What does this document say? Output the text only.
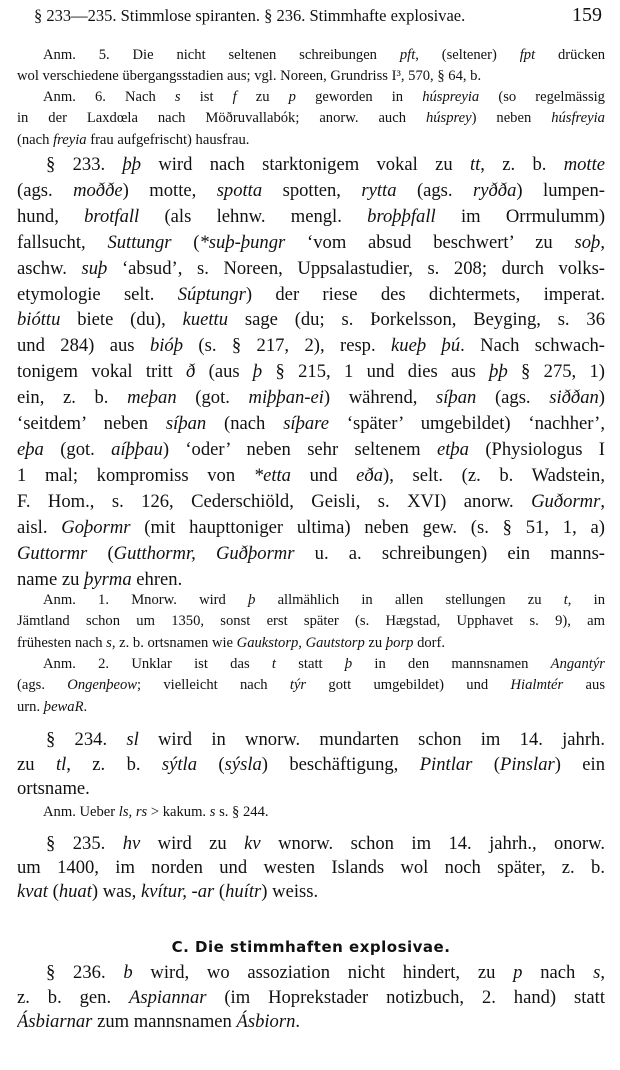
§ 233—235. Stimmlose spiranten. § 236. Stimmhafte explosivae.	159
Anm. 5. Die nicht seltenen schreibungen pft, (seltener) fpt drücken
wol verschiedene übergangsstadien aus; vgl. Noreen, Grundriss I³, 570, § 64, b.
Anm. 6. Nach s ist f zu p geworden in húspreyia (so regelmässig
in der Laxdœla nach Möðruvallabók; anorw. auch húsprey) neben húsfreyia
(nach freyia frau aufgefrischt) hausfrau.
§ 233. þþ wird nach starktonigem vokal zu tt, z. b. motte
(ags. moððe) motte, spotta spotten, rytta (ags. ryðða) lumpen-
hund, brotfall (als lehnw. mengl. broþþfall im Orrmulumm)
fallsucht, Suttungr (*suþ-þungr ‘vom absud beschwert’ zu soþ,
aschw. suþ ‘absud’, s. Noreen, Uppsalastudier, s. 208; durch volks-
etymologie selt. Súptungr) der riese des dichtermets, imperat.
bióttu biete (du), kuettu sage (du; s. Þorkelsson, Beyging, s. 36
und 284) aus bióþ (s. § 217, 2), resp. kueþ þú. Nach schwach-
tonigem vokal tritt ð (aus þ § 215, 1 und dies aus þþ § 275, 1)
ein, z. b. meþan (got. miþþan-ei) während, síþan (ags. siððan)
‘seitdem’ neben síþan (nach síþare ‘später’ umgebildet) ‘nachher’,
eþa (got. aíþþau) ‘oder’ neben sehr seltenem etþa (Physiologus I
1 mal; kompromiss von *etta und eða), selt. (z. b. Wadstein,
F. Hom., s. 126, Cederschiöld, Geisli, s. XVI) anorw. Guðormr,
aisl. Goþormr (mit haupttoniger ultima) neben gew. (s. § 51, 1, a)
Guttormr (Gutthormr, Guðþormr u. a. schreibungen) ein manns-
name zu þyrma ehren.
Anm. 1. Mnorw. wird þ allmählich in allen stellungen zu t, in
Jämtland schon um 1350, sonst erst später (s. Hægstad, Upphavet s. 9), am
frühesten nach s, z. b. ortsnamen wie Gaukstorp, Gautstorp zu þorp dorf.
Anm. 2. Unklar ist das t statt þ in den mannsnamen Angantýr
(ags. Ongenþeow; vielleicht nach týr gott umgebildet) und Hialmtér aus
urn. þewaR.
§ 234. sl wird in wnorw. mundarten schon im 14. jahrh.
zu tl, z. b. sýtla (sýsla) beschäftigung, Pintlar (Pinslar) ein
ortsname.
Anm. Ueber ls, rs > kakum. s s. § 244.
§ 235. hv wird zu kv wnorw. schon im 14. jahrh., onorw.
um 1400, im norden und westen Islands wol noch später, z. b.
kvat (huat) was, kvítur, -ar (huítr) weiss.
C. Die stimmhaften explosivae.
§ 236. b wird, wo assoziation nicht hindert, zu p nach s,
z. b. gen. Aspiannar (im Hoprekstader notizbuch, 2. hand) statt
Ásbiarnar zum mannsnamen Ásbiorn.
